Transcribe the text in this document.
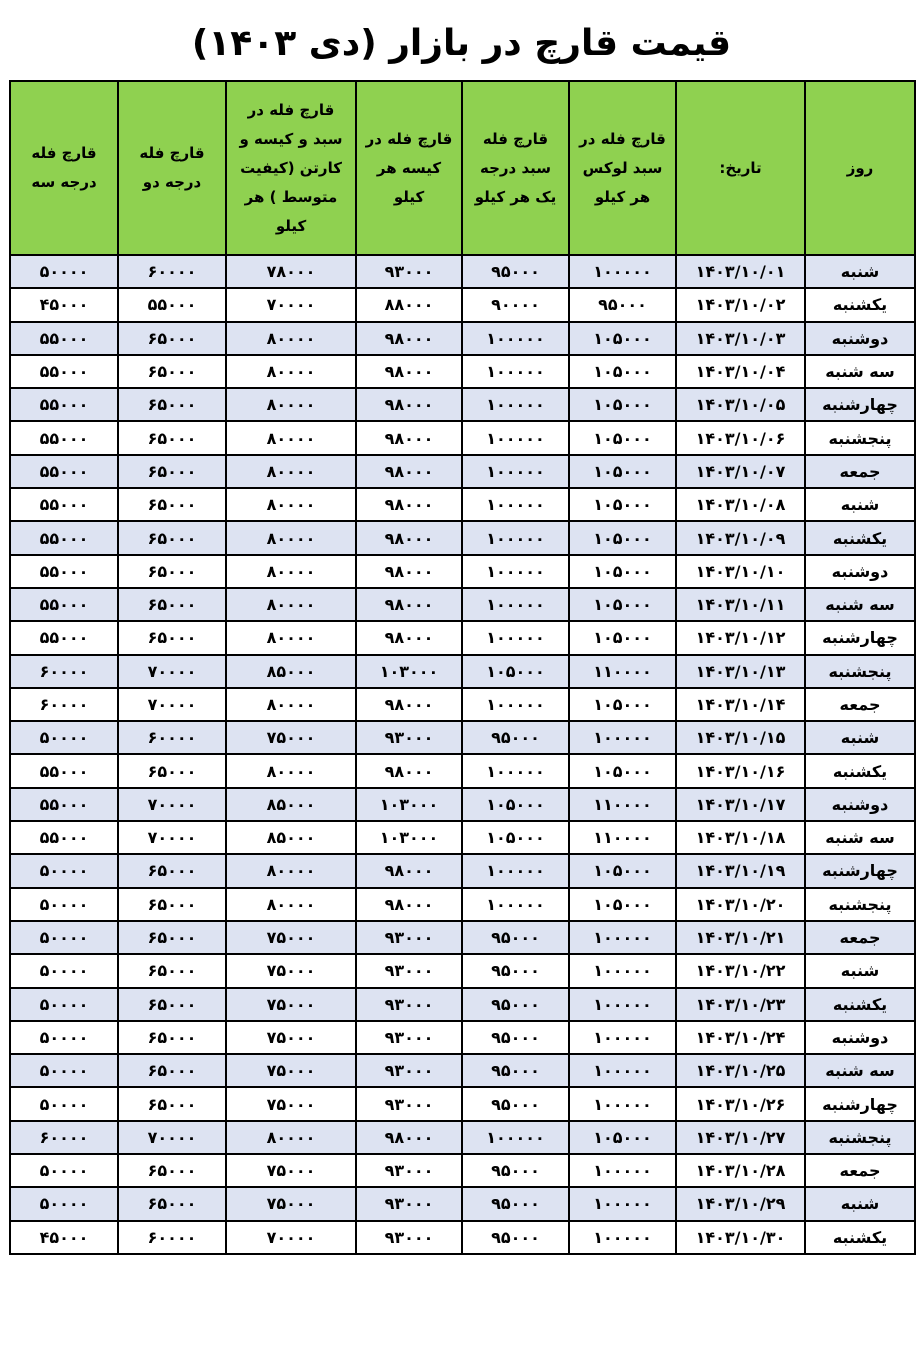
قیمت قارچ در بازار (دی ۱۴۰۳)
روز	تاریخ:	قارچ فله در سبد لوکس هر کیلو	قارچ فله سبد درجه یک هر کیلو	قارچ فله در کیسه هر کیلو	قارچ فله در سبد و کیسه و کارتن (کیفیت متوسط ) هر کیلو	قارچ فله درجه دو	قارچ فله درجه سه
شنبه	۱۴۰۳/۱۰/۰۱	۱۰۰۰۰۰	۹۵۰۰۰	۹۳۰۰۰	۷۸۰۰۰	۶۰۰۰۰	۵۰۰۰۰
یکشنبه	۱۴۰۳/۱۰/۰۲	۹۵۰۰۰	۹۰۰۰۰	۸۸۰۰۰	۷۰۰۰۰	۵۵۰۰۰	۴۵۰۰۰
دوشنبه	۱۴۰۳/۱۰/۰۳	۱۰۵۰۰۰	۱۰۰۰۰۰	۹۸۰۰۰	۸۰۰۰۰	۶۵۰۰۰	۵۵۰۰۰
سه شنبه	۱۴۰۳/۱۰/۰۴	۱۰۵۰۰۰	۱۰۰۰۰۰	۹۸۰۰۰	۸۰۰۰۰	۶۵۰۰۰	۵۵۰۰۰
چهارشنبه	۱۴۰۳/۱۰/۰۵	۱۰۵۰۰۰	۱۰۰۰۰۰	۹۸۰۰۰	۸۰۰۰۰	۶۵۰۰۰	۵۵۰۰۰
پنجشنبه	۱۴۰۳/۱۰/۰۶	۱۰۵۰۰۰	۱۰۰۰۰۰	۹۸۰۰۰	۸۰۰۰۰	۶۵۰۰۰	۵۵۰۰۰
جمعه	۱۴۰۳/۱۰/۰۷	۱۰۵۰۰۰	۱۰۰۰۰۰	۹۸۰۰۰	۸۰۰۰۰	۶۵۰۰۰	۵۵۰۰۰
شنبه	۱۴۰۳/۱۰/۰۸	۱۰۵۰۰۰	۱۰۰۰۰۰	۹۸۰۰۰	۸۰۰۰۰	۶۵۰۰۰	۵۵۰۰۰
یکشنبه	۱۴۰۳/۱۰/۰۹	۱۰۵۰۰۰	۱۰۰۰۰۰	۹۸۰۰۰	۸۰۰۰۰	۶۵۰۰۰	۵۵۰۰۰
دوشنبه	۱۴۰۳/۱۰/۱۰	۱۰۵۰۰۰	۱۰۰۰۰۰	۹۸۰۰۰	۸۰۰۰۰	۶۵۰۰۰	۵۵۰۰۰
سه شنبه	۱۴۰۳/۱۰/۱۱	۱۰۵۰۰۰	۱۰۰۰۰۰	۹۸۰۰۰	۸۰۰۰۰	۶۵۰۰۰	۵۵۰۰۰
چهارشنبه	۱۴۰۳/۱۰/۱۲	۱۰۵۰۰۰	۱۰۰۰۰۰	۹۸۰۰۰	۸۰۰۰۰	۶۵۰۰۰	۵۵۰۰۰
پنجشنبه	۱۴۰۳/۱۰/۱۳	۱۱۰۰۰۰	۱۰۵۰۰۰	۱۰۳۰۰۰	۸۵۰۰۰	۷۰۰۰۰	۶۰۰۰۰
جمعه	۱۴۰۳/۱۰/۱۴	۱۰۵۰۰۰	۱۰۰۰۰۰	۹۸۰۰۰	۸۰۰۰۰	۷۰۰۰۰	۶۰۰۰۰
شنبه	۱۴۰۳/۱۰/۱۵	۱۰۰۰۰۰	۹۵۰۰۰	۹۳۰۰۰	۷۵۰۰۰	۶۰۰۰۰	۵۰۰۰۰
یکشنبه	۱۴۰۳/۱۰/۱۶	۱۰۵۰۰۰	۱۰۰۰۰۰	۹۸۰۰۰	۸۰۰۰۰	۶۵۰۰۰	۵۵۰۰۰
دوشنبه	۱۴۰۳/۱۰/۱۷	۱۱۰۰۰۰	۱۰۵۰۰۰	۱۰۳۰۰۰	۸۵۰۰۰	۷۰۰۰۰	۵۵۰۰۰
سه شنبه	۱۴۰۳/۱۰/۱۸	۱۱۰۰۰۰	۱۰۵۰۰۰	۱۰۳۰۰۰	۸۵۰۰۰	۷۰۰۰۰	۵۵۰۰۰
چهارشنبه	۱۴۰۳/۱۰/۱۹	۱۰۵۰۰۰	۱۰۰۰۰۰	۹۸۰۰۰	۸۰۰۰۰	۶۵۰۰۰	۵۰۰۰۰
پنجشنبه	۱۴۰۳/۱۰/۲۰	۱۰۵۰۰۰	۱۰۰۰۰۰	۹۸۰۰۰	۸۰۰۰۰	۶۵۰۰۰	۵۰۰۰۰
جمعه	۱۴۰۳/۱۰/۲۱	۱۰۰۰۰۰	۹۵۰۰۰	۹۳۰۰۰	۷۵۰۰۰	۶۵۰۰۰	۵۰۰۰۰
شنبه	۱۴۰۳/۱۰/۲۲	۱۰۰۰۰۰	۹۵۰۰۰	۹۳۰۰۰	۷۵۰۰۰	۶۵۰۰۰	۵۰۰۰۰
یکشنبه	۱۴۰۳/۱۰/۲۳	۱۰۰۰۰۰	۹۵۰۰۰	۹۳۰۰۰	۷۵۰۰۰	۶۵۰۰۰	۵۰۰۰۰
دوشنبه	۱۴۰۳/۱۰/۲۴	۱۰۰۰۰۰	۹۵۰۰۰	۹۳۰۰۰	۷۵۰۰۰	۶۵۰۰۰	۵۰۰۰۰
سه شنبه	۱۴۰۳/۱۰/۲۵	۱۰۰۰۰۰	۹۵۰۰۰	۹۳۰۰۰	۷۵۰۰۰	۶۵۰۰۰	۵۰۰۰۰
چهارشنبه	۱۴۰۳/۱۰/۲۶	۱۰۰۰۰۰	۹۵۰۰۰	۹۳۰۰۰	۷۵۰۰۰	۶۵۰۰۰	۵۰۰۰۰
پنجشنبه	۱۴۰۳/۱۰/۲۷	۱۰۵۰۰۰	۱۰۰۰۰۰	۹۸۰۰۰	۸۰۰۰۰	۷۰۰۰۰	۶۰۰۰۰
جمعه	۱۴۰۳/۱۰/۲۸	۱۰۰۰۰۰	۹۵۰۰۰	۹۳۰۰۰	۷۵۰۰۰	۶۵۰۰۰	۵۰۰۰۰
شنبه	۱۴۰۳/۱۰/۲۹	۱۰۰۰۰۰	۹۵۰۰۰	۹۳۰۰۰	۷۵۰۰۰	۶۵۰۰۰	۵۰۰۰۰
یکشنبه	۱۴۰۳/۱۰/۳۰	۱۰۰۰۰۰	۹۵۰۰۰	۹۳۰۰۰	۷۰۰۰۰	۶۰۰۰۰	۴۵۰۰۰
